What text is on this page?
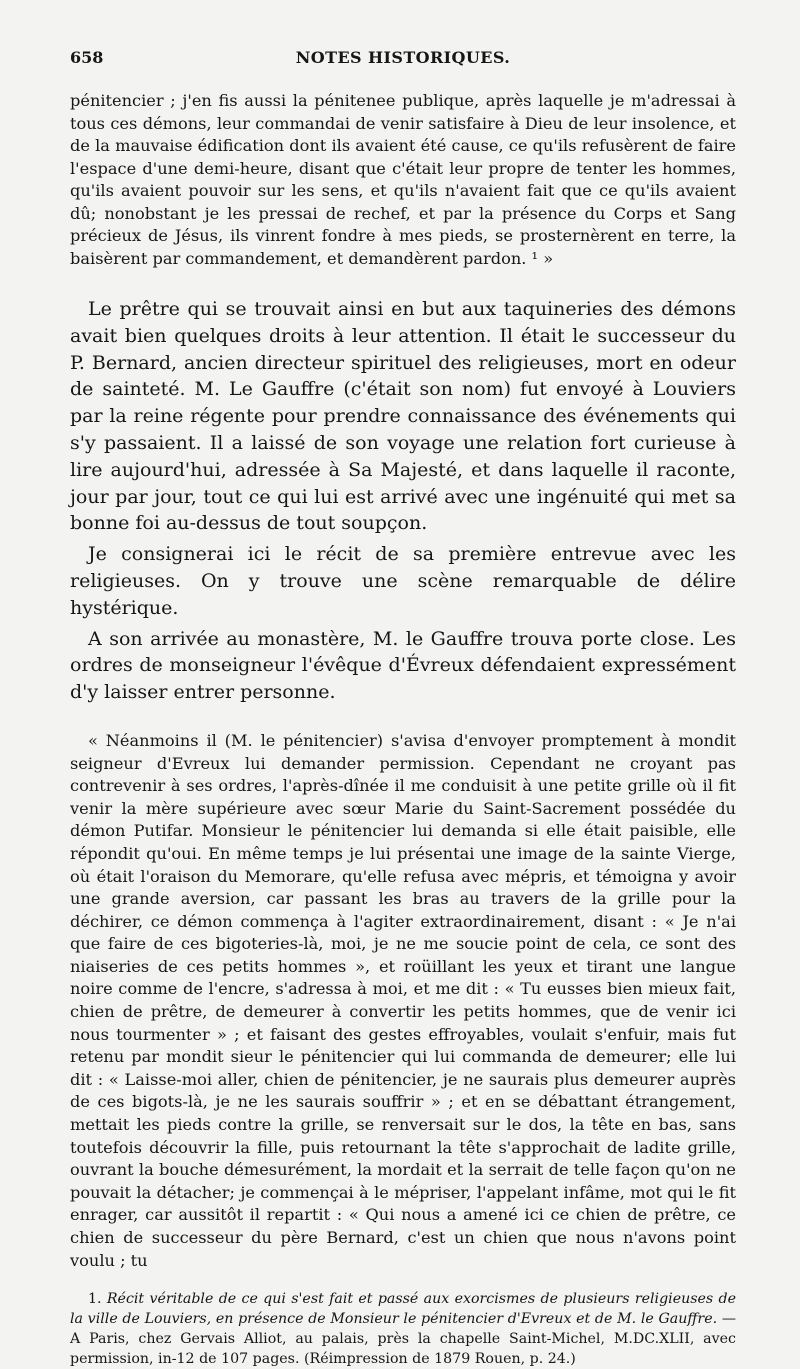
658	NOTES HISTORIQUES.

pénitencier ; j'en fis aussi la pénitenee publique, après laquelle je m'adressai à tous ces démons, leur commandai de venir satisfaire à Dieu de leur insolence, et de la mauvaise édification dont ils avaient été cause, ce qu'ils refusèrent de faire l'espace d'une demi-heure, disant que c'était leur propre de tenter les hommes, qu'ils avaient pouvoir sur les sens, et qu'ils n'avaient fait que ce qu'ils avaient dû; nonobstant je les pressai de rechef, et par la présence du Corps et Sang précieux de Jésus, ils vinrent fondre à mes pieds, se prosternèrent en terre, la baisèrent par commandement, et demandèrent pardon. ¹ »

Le prêtre qui se trouvait ainsi en but aux taquineries des démons avait bien quelques droits à leur attention. Il était le successeur du P. Bernard, ancien directeur spirituel des religieuses, mort en odeur de sainteté. M. Le Gauffre (c'était son nom) fut envoyé à Louviers par la reine régente pour prendre connaissance des événements qui s'y passaient. Il a laissé de son voyage une relation fort curieuse à lire aujourd'hui, adressée à Sa Majesté, et dans laquelle il raconte, jour par jour, tout ce qui lui est arrivé avec une ingénuité qui met sa bonne foi au-dessus de tout soupçon.

Je consignerai ici le récit de sa première entrevue avec les religieuses. On y trouve une scène remarquable de délire hystérique.

A son arrivée au monastère, M. le Gauffre trouva porte close. Les ordres de monseigneur l'évêque d'Évreux défendaient expressément d'y laisser entrer personne.

« Néanmoins il (M. le pénitencier) s'avisa d'envoyer promptement à mondit seigneur d'Evreux lui demander permission. Cependant ne croyant pas contrevenir à ses ordres, l'après-dînée il me conduisit à une petite grille où il fit venir la mère supérieure avec sœur Marie du Saint-Sacrement possédée du démon Putifar. Monsieur le pénitencier lui demanda si elle était paisible, elle répondit qu'oui. En même temps je lui présentai une image de la sainte Vierge, où était l'oraison du Memorare, qu'elle refusa avec mépris, et témoigna y avoir une grande aversion, car passant les bras au travers de la grille pour la déchirer, ce démon commença à l'agiter extraordinairement, disant : « Je n'ai que faire de ces bigoteries-là, moi, je ne me soucie point de cela, ce sont des niaiseries de ces petits hommes », et roüillant les yeux et tirant une langue noire comme de l'encre, s'adressa à moi, et me dit : « Tu eusses bien mieux fait, chien de prêtre, de demeurer à convertir les petits hommes, que de venir ici nous tourmenter » ; et faisant des gestes effroyables, voulait s'enfuir, mais fut retenu par mondit sieur le pénitencier qui lui commanda de demeurer; elle lui dit : « Laisse-moi aller, chien de pénitencier, je ne saurais plus demeurer auprès de ces bigots-là, je ne les saurais souffrir » ; et en se débattant étrangement, mettait les pieds contre la grille, se renversait sur le dos, la tête en bas, sans toutefois découvrir la fille, puis retournant la tête s'approchait de ladite grille, ouvrant la bouche démesurément, la mordait et la serrait de telle façon qu'on ne pouvait la détacher; je commençai à le mépriser, l'appelant infâme, mot qui le fit enrager, car aussitôt il repartit : « Qui nous a amené ici ce chien de prêtre, ce chien de successeur du père Bernard, c'est un chien que nous n'avons point voulu ; tu

1. Récit véritable de ce qui s'est fait et passé aux exorcismes de plusieurs religieuses de la ville de Louviers, en présence de Monsieur le pénitencier d'Evreux et de M. le Gauffre. — A Paris, chez Gervais Alliot, au palais, près la chapelle Saint-Michel, M.DC.XLII, avec permission, in-12 de 107 pages. (Réimpression de 1879 Rouen, p. 24.)
